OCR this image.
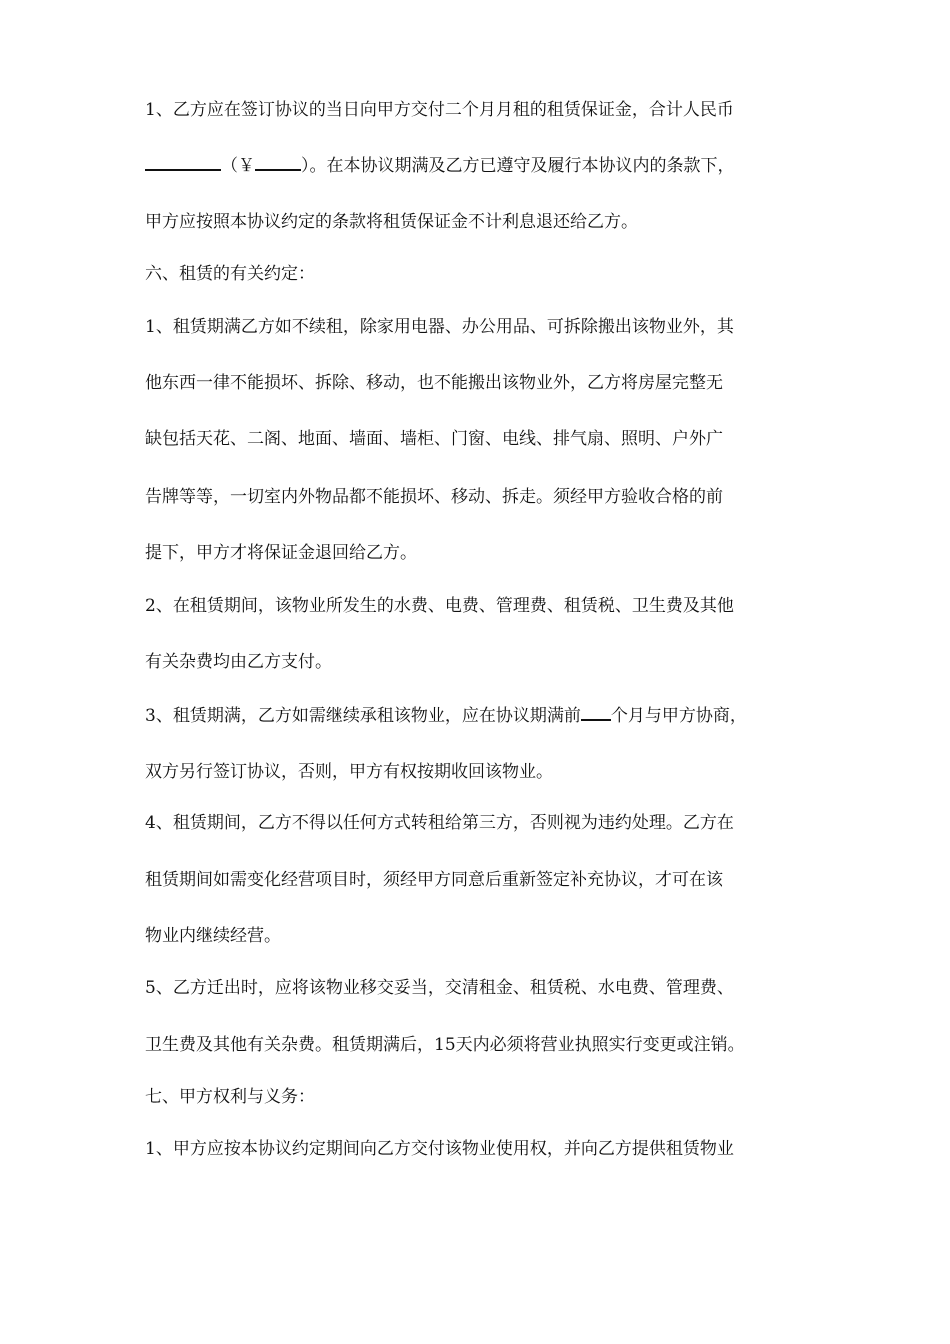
1、乙方应在签订协议的当日向甲方交付二个月月租的租赁保证金，合计人民币
（￥	）。在本协议期满及乙方已遵守及履行本协议内的条款下，
甲方应按照本协议约定的条款将租赁保证金不计利息退还给乙方。
六、租赁的有关约定：
1、租赁期满乙方如不续租，除家用电器、办公用品、可拆除搬出该物业外，其
他东西一律不能损坏、拆除、移动，也不能搬出该物业外，乙方将房屋完整无
缺包括天花、二阁、地面、墙面、墙柜、门窗、电线、排气扇、照明、户外广
告牌等等，一切室内外物品都不能损坏、移动、拆走。须经甲方验收合格的前
提下，甲方才将保证金退回给乙方。
2、在租赁期间，该物业所发生的水费、电费、管理费、租赁税、卫生费及其他
有关杂费均由乙方支付。
3、租赁期满，乙方如需继续承租该物业，应在协议期满前 个月与甲方协商，
双方另行签订协议，否则，甲方有权按期收回该物业。
4、租赁期间，乙方不得以任何方式转租给第三方，否则视为违约处理。乙方在
租赁期间如需变化经营项目时，须经甲方同意后重新签定补充协议，才可在该
物业内继续经营。
5、乙方迁出时，应将该物业移交妥当，交清租金、租赁税、水电费、管理费、
卫生费及其他有关杂费。租赁期满后，15天内必须将营业执照实行变更或注销。
七、甲方权利与义务：
1、甲方应按本协议约定期间向乙方交付该物业使用权，并向乙方提供租赁物业
